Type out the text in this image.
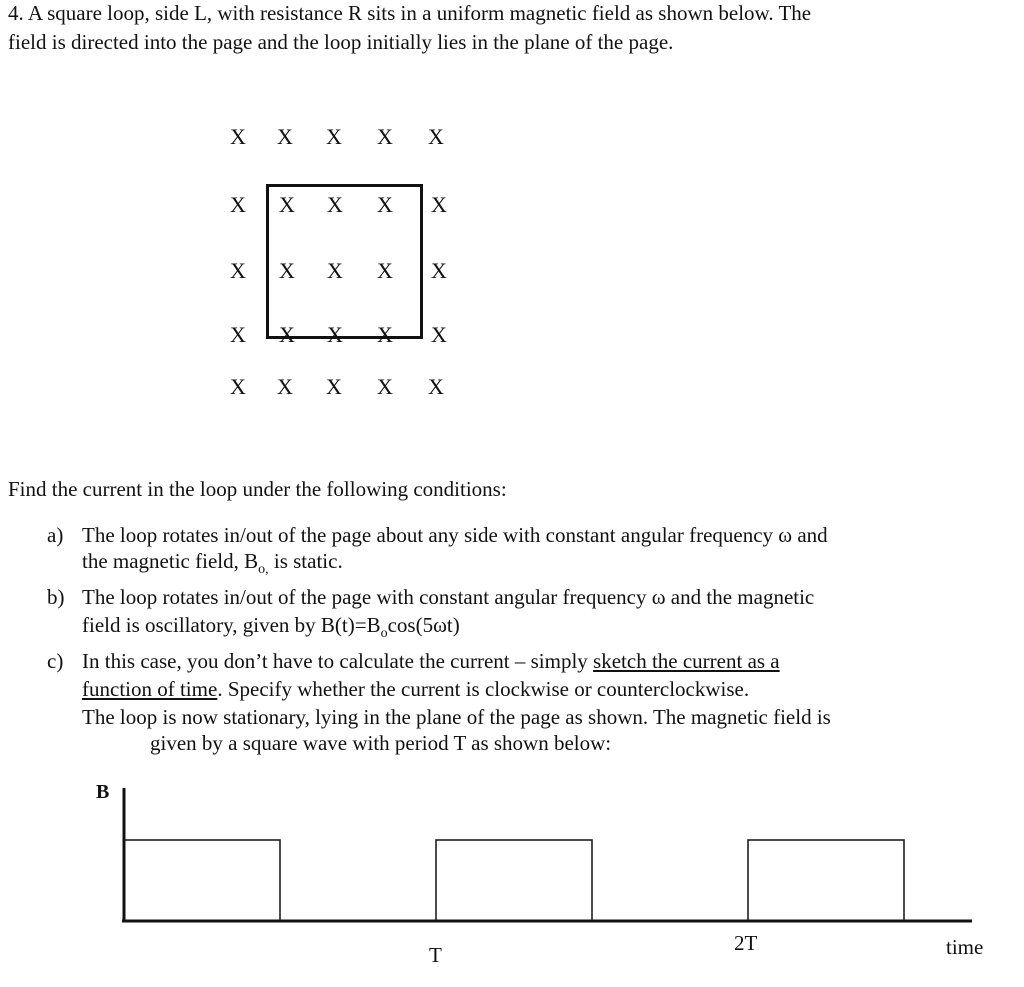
4. A square loop, side L, with resistance R sits in a uniform magnetic field as shown below. The
field is directed into the page and the loop initially lies in the plane of the page.
X X X X X
X X X X X
X X X X X
X X X X X
X X X X X
Find the current in the loop under the following conditions:
a) The loop rotates in/out of the page about any side with constant angular frequency ω and
the magnetic field, $B_{o,}$ is static.
b) The loop rotates in/out of the page with constant angular frequency ω and the magnetic
field is oscillatory, given by $B(t)=B_o\cos(5\omega t)$
c) In this case, you don’t have to calculate the current – simply sketch the current as a
function of time. Specify whether the current is clockwise or counterclockwise.
The loop is now stationary, lying in the plane of the page as shown. The magnetic field is
given by a square wave with period T as shown below:
B
T	2T	time
